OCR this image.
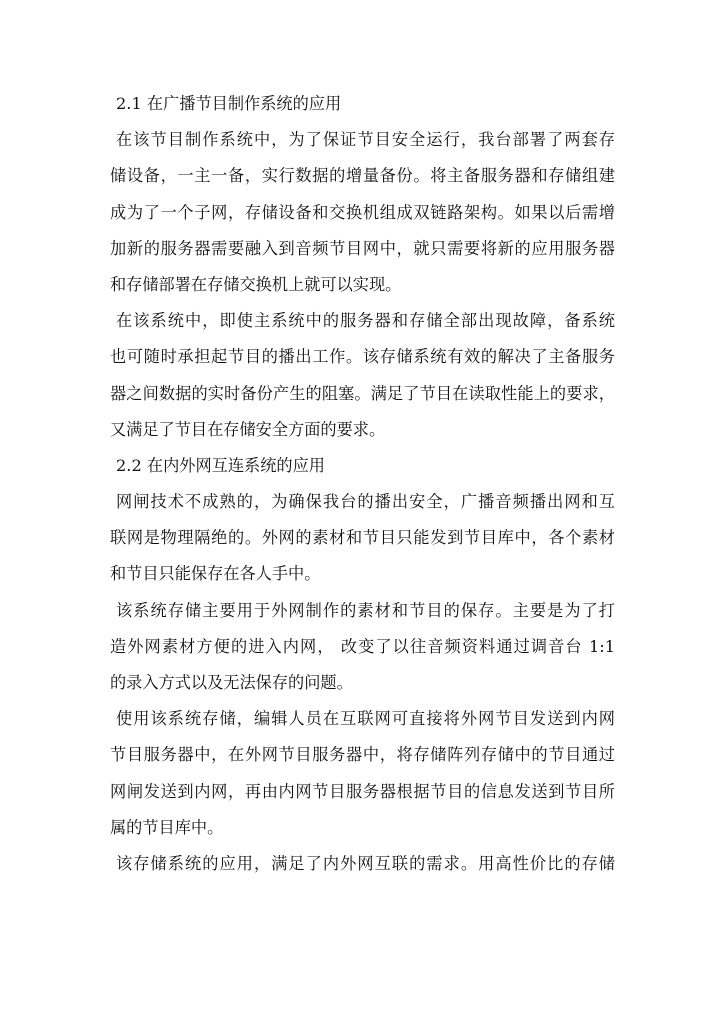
2.1 在广播节目制作系统的应用
在该节目制作系统中，为了保证节目安全运行，我台部署了两套存
储设备，一主一备，实行数据的增量备份。将主备服务器和存储组建
成为了一个子网，存储设备和交换机组成双链路架构。如果以后需增
加新的服务器需要融入到音频节目网中，就只需要将新的应用服务器
和存储部署在存储交换机上就可以实现。
在该系统中，即使主系统中的服务器和存储全部出现故障，备系统
也可随时承担起节目的播出工作。该存储系统有效的解决了主备服务
器之间数据的实时备份产生的阻塞。满足了节目在读取性能上的要求，
又满足了节目在存储安全方面的要求。
2.2 在内外网互连系统的应用
网闸技术不成熟的，为确保我台的播出安全，广播音频播出网和互
联网是物理隔绝的。外网的素材和节目只能发到节目库中，各个素材
和节目只能保存在各人手中。
该系统存储主要用于外网制作的素材和节目的保存。主要是为了打
造外网素材方便的进入内网， 改变了以往音频资料通过调音台 1:1
的录入方式以及无法保存的问题。
使用该系统存储，编辑人员在互联网可直接将外网节目发送到内网
节目服务器中，在外网节目服务器中，将存储阵列存储中的节目通过
网闸发送到内网，再由内网节目服务器根据节目的信息发送到节目所
属的节目库中。
该存储系统的应用，满足了内外网互联的需求。用高性价比的存储
